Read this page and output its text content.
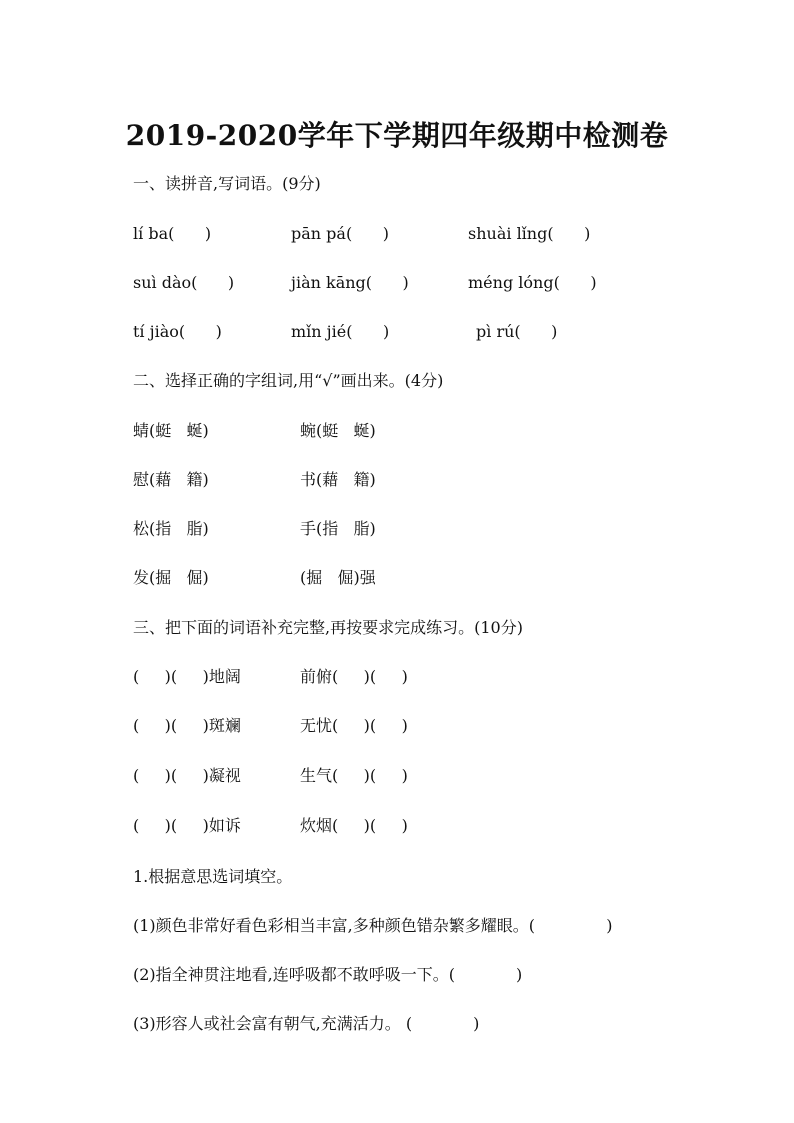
2019-2020学年下学期四年级期中检测卷
一、读拼音,写词语。(9分)
lí ba(      )	pān pá(      )	shuài lǐng(      )
suì dào(      )	jiàn kāng(      )	méng lóng(      )
tí jiào(      )	mǐn jié(      )	pì rú(      )
二、选择正确的字组词,用“√”画出来。(4分)
蜻(蜓   蜒)	蜿(蜓   蜒)
慰(藉   籍)	书(藉   籍)
松(指   脂)	手(指   脂)
发(掘   倔)	(掘   倔)强
三、把下面的词语补充完整,再按要求完成练习。(10分)
(     )(     )地阔	前俯(     )(     )
(     )(     )斑斓	无忧(     )(     )
(     )(     )凝视	生气(     )(     )
(     )(     )如诉	炊烟(     )(     )
1.根据意思选词填空。
(1)颜色非常好看色彩相当丰富,多种颜色错杂繁多耀眼。(              )
(2)指全神贯注地看,连呼吸都不敢呼吸一下。(            )
(3)形容人或社会富有朝气,充满活力。 (            )
